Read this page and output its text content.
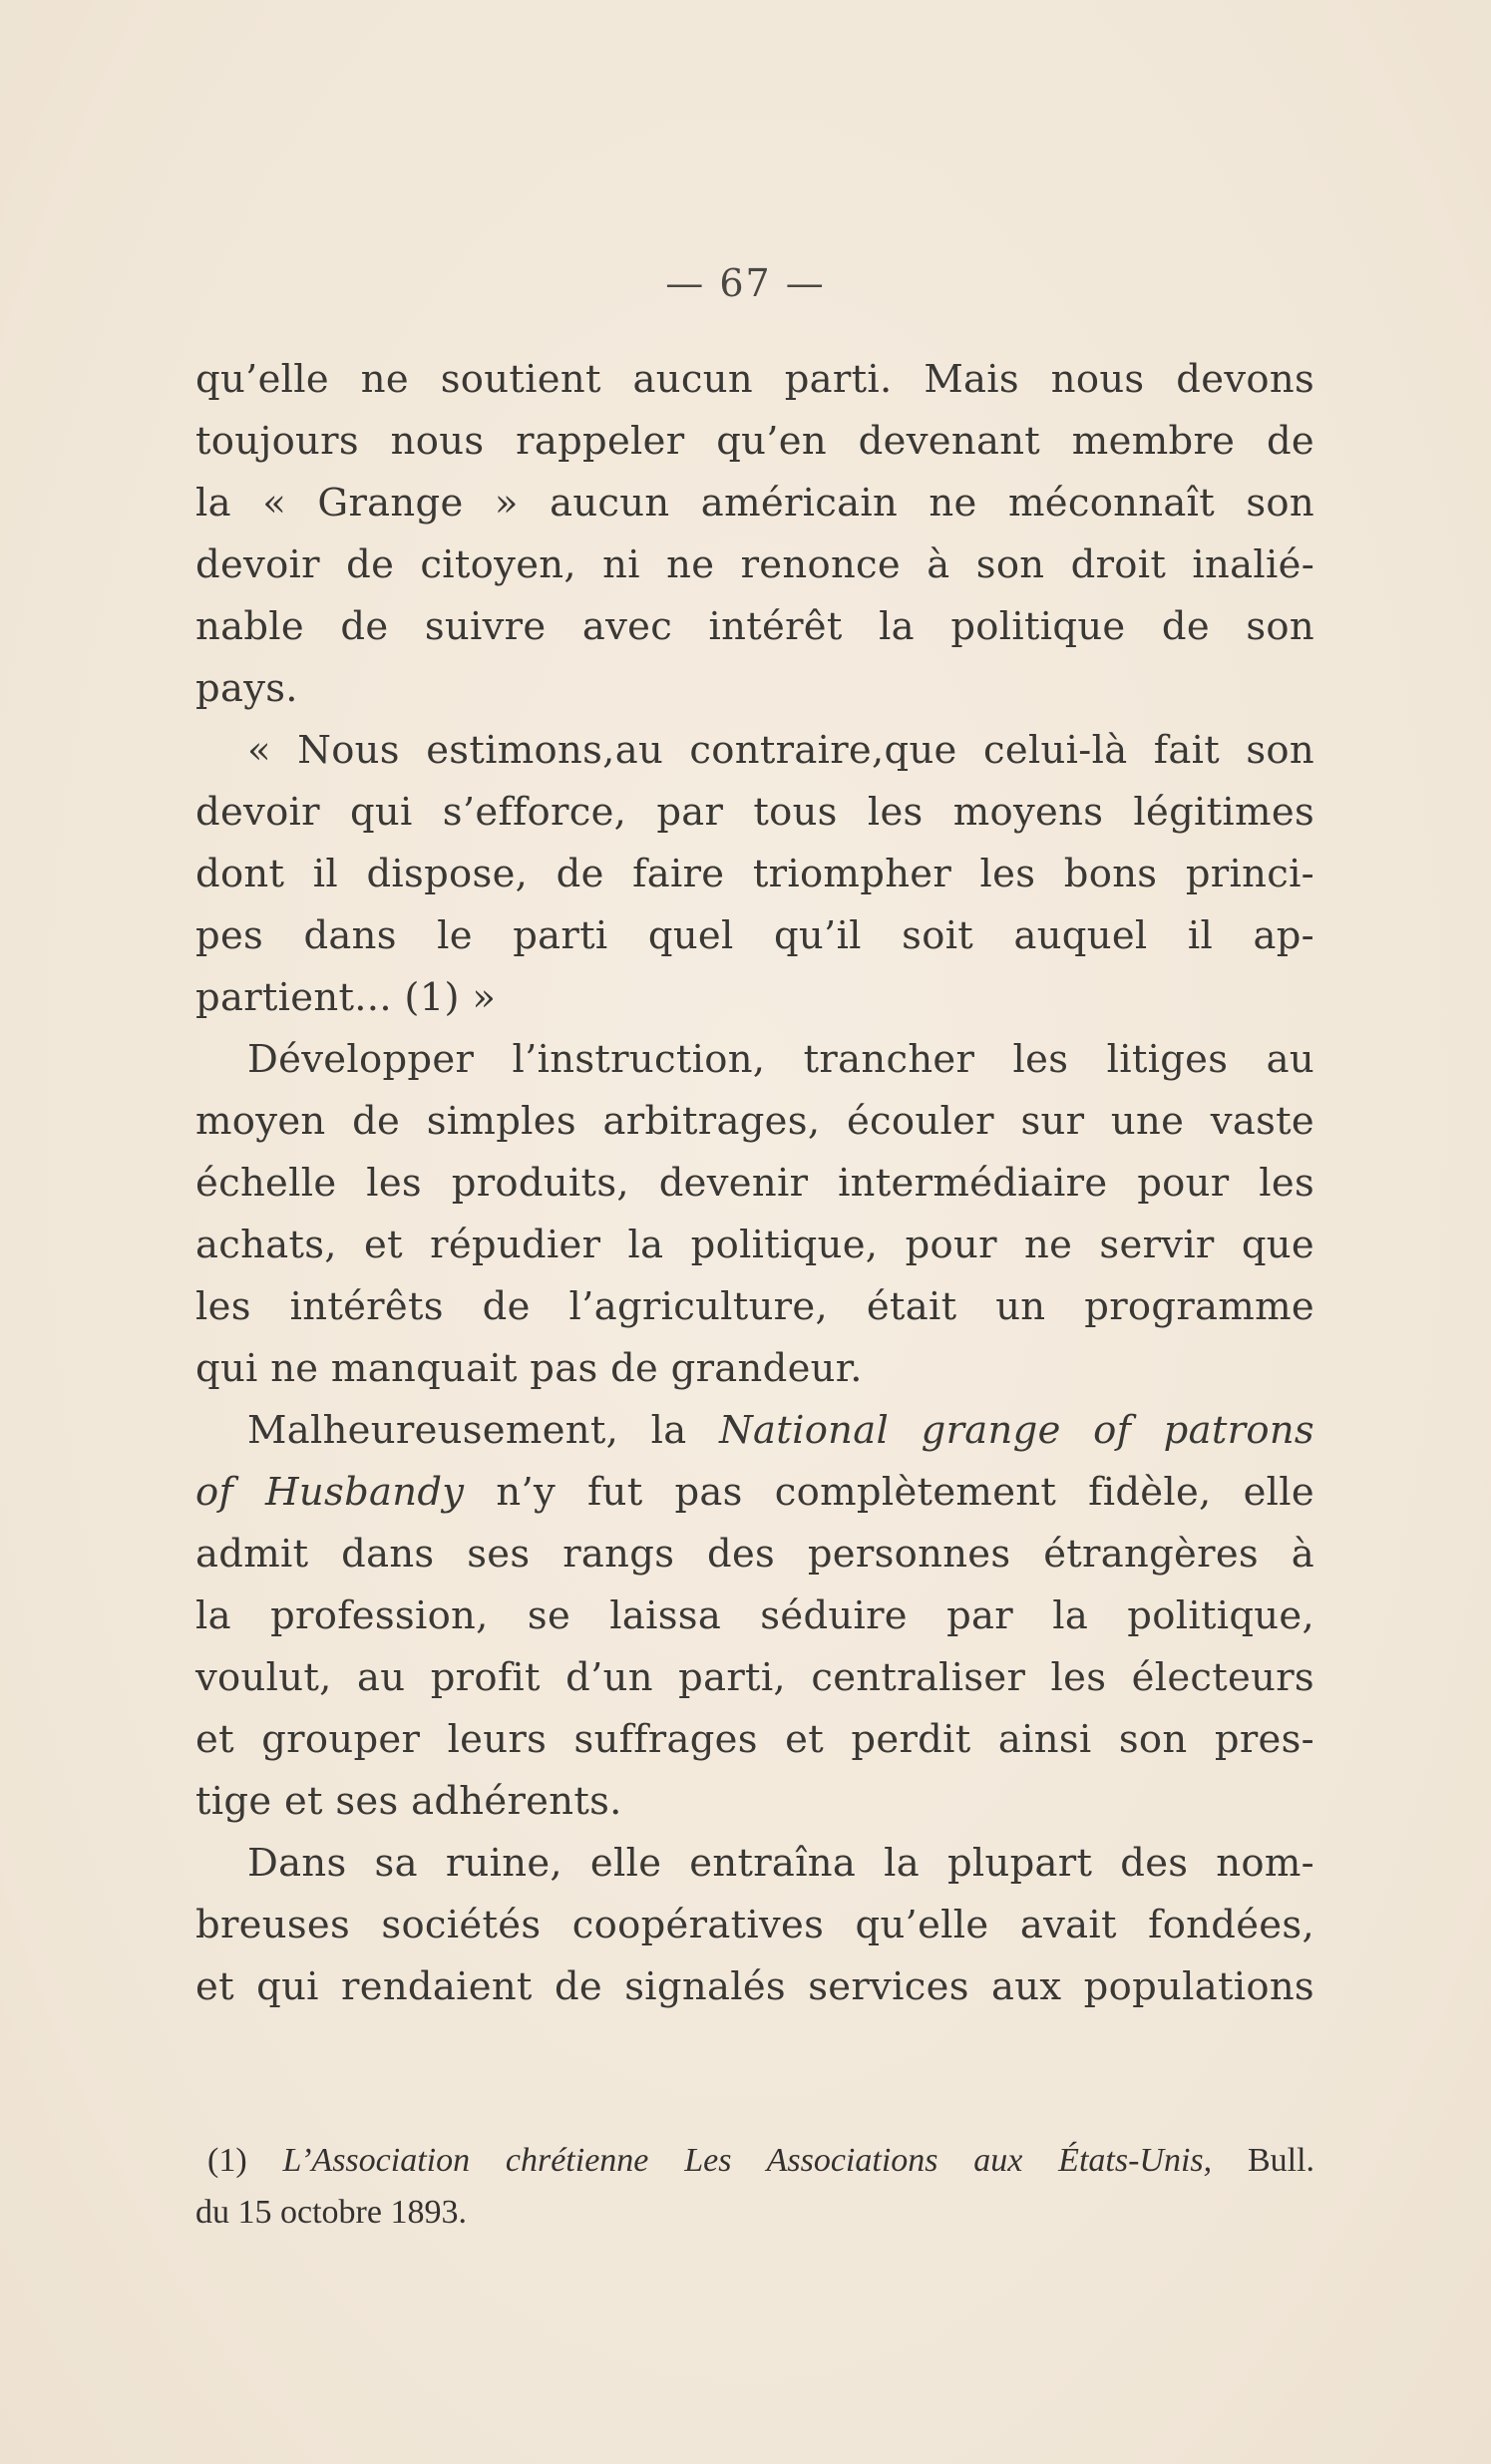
— 67 —
qu’elle ne soutient aucun parti. Mais nous devons
toujours nous rappeler qu’en devenant membre de
la « Grange » aucun américain ne méconnaît son
devoir de citoyen, ni ne renonce à son droit inalié-
nable de suivre avec intérêt la politique de son
pays.
« Nous estimons,au contraire,que celui-là fait son
devoir qui s’efforce, par tous les moyens légitimes
dont il dispose, de faire triompher les bons princi-
pes dans le parti quel qu’il soit auquel il ap-
partient... (1) »
Développer l’instruction, trancher les litiges au
moyen de simples arbitrages, écouler sur une vaste
échelle les produits, devenir intermédiaire pour les
achats, et répudier la politique, pour ne servir que
les intérêts de l’agriculture, était un programme
qui ne manquait pas de grandeur.
Malheureusement, la National grange of patrons
of Husbandy n’y fut pas complètement fidèle, elle
admit dans ses rangs des personnes étrangères à
la profession, se laissa séduire par la politique,
voulut, au profit d’un parti, centraliser les électeurs
et grouper leurs suffrages et perdit ainsi son pres-
tige et ses adhérents.
Dans sa ruine, elle entraîna la plupart des nom-
breuses sociétés coopératives qu’elle avait fondées,
et qui rendaient de signalés services aux populations
(1) L’Association chrétienne Les Associations aux États-Unis, Bull.
du 15 octobre 1893.
